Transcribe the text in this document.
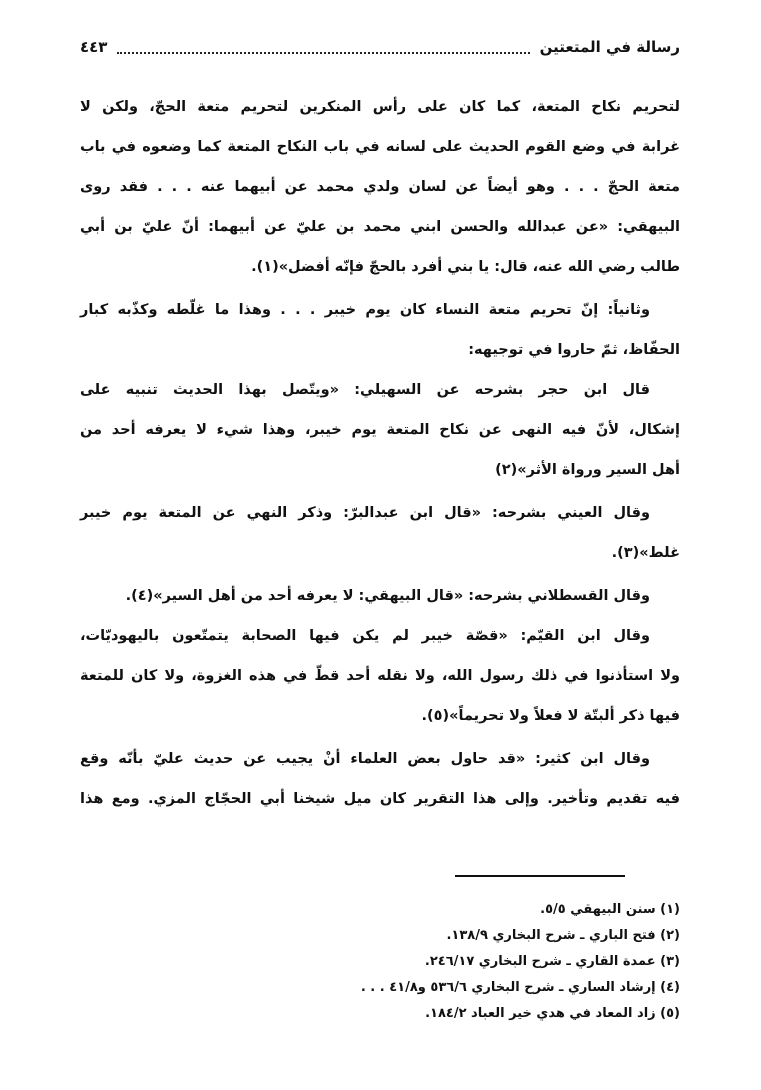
رسالة في المتعتين
٤٤٣
لتحريم نكاح المتعة، كما كان على رأس المنكرين لتحريم متعة الحجّ، ولكن لا
غرابة في وضع القوم الحديث على لسانه في باب النكاح المتعة كما وضعوه في باب
متعة الحجّ . . . وهو أيضاً عن لسان ولدي محمد عن أبيهما عنه . . . فقد روى
البيهقي: «عن عبدالله والحسن ابني محمد بن عليّ عن أبيهما: أنّ عليّ بن أبي
طالب رضي الله عنه، قال: يا بني أفرد بالحجّ فإنّه أفضل»(١).
وثانياً: إنّ تحريم متعة النساء كان يوم خيبر . . . وهذا ما غلّطه وكذّبه كبار
الحفّاظ، ثمّ حاروا في توجيهه:
قال ابن حجر بشرحه عن السهيلي: «ويتّصل بهذا الحديث تنبيه على
إشكال، لأنّ فيه النهى عن نكاح المتعة يوم خيبر، وهذا شيء لا يعرفه أحد من
أهل السير ورواة الأثر»(٢)
وقال العيني بشرحه: «قال ابن عبدالبرّ: وذكر النهي عن المتعة يوم خيبر
غلط»(٣).
وقال القسطلاني بشرحه: «قال البيهقي: لا يعرفه أحد من أهل السير»(٤).
وقال ابن القيّم: «قصّة خيبر لم يكن فيها الصحابة يتمتّعون باليهوديّات،
ولا استأذنوا في ذلك رسول الله، ولا نقله أحد قطّ في هذه الغزوة، ولا كان للمتعة
فيها ذكر ألبتّة لا فعلاً ولا تحريماً»(٥).
وقال ابن كثير: «قد حاول بعض العلماء أنْ يجيب عن حديث عليّ بأنّه وقع
فيه تقديم وتأخير. وإلى هذا التقرير كان ميل شيخنا أبي الحجّاج المزي. ومع هذا
(١) سنن البيهقي ٥/٥.
(٢) فتح الباري ـ شرح البخاري ١٣٨/٩.
(٣) عمدة القاري ـ شرح البخاري ٢٤٦/١٧.
(٤) إرشاد الساري ـ شرح البخاري ٥٣٦/٦ و٤١/٨ . . .
(٥) زاد المعاد في هدي خير العباد ١٨٤/٢.
